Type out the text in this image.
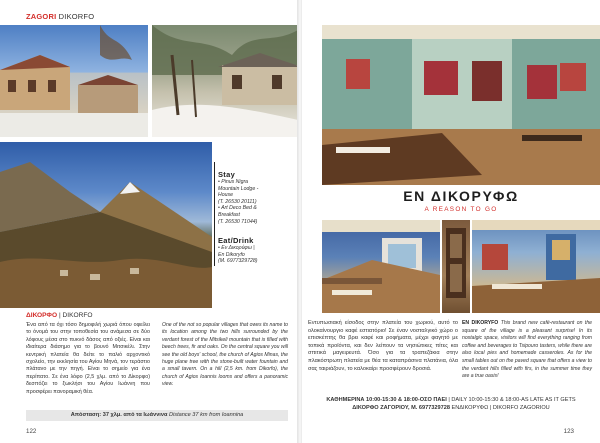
ZAGORI DIKORFO
Stay
• Pinus Nigra
Mountain Lodge -
House
(T. 26530 20111)
• Art Deco Bed &
Breakfast
(T. 26530 71044)
Eat/Drink
• Εν Δικορύφω |
En Dikoryfo
(Μ. 6977329728)
ΔΙΚΟΡΦΟ | DIKORFO
Ένα από τα όχι τόσο δημοφιλή χωριά όπου οφείλει το όνομά του στην τοποθεσία του ανάμεσα σε δύο λόφους μέσα στο πυκνό δάσος από οξιές. Είναι και ιδιαίτερα διάσημο για το βουνό Μιτσικέλι. Στην κεντρική πλατεία θα δείτε το παλιό αρχοντικό σχολείο, την εκκλησία του Αγίου Μηνά, τον τεράστιο πλάτανο με την πηγή. Είναι το σημείο για ένα περίπατο. Σε ένα λόφο (2,5 χλμ. από το Δίκορφο) δεσπόζει το ξωκλήσι του Αγίου Ιωάννη που προσφέρει πανοραμική θέα.
One of the not so popular villages that owes its name to its location among the two hills surrounded by the verdant forest of the Mitsikeli mountain that is filled with beech trees, fir and oaks. On the central square you will see the old boys' school, the church of Agios Minas, the huge plane tree with the stone-built water fountain and a small tavern. On a hill (2,5 km. from Dikorfo), the church of Agios Ioannis looms and offers a panoramic view.
Απόσταση: 37 χλμ. από τα Ιωάννινα Distance 37 km from Ioannina
122
ΕΝ ΔΙΚΟΡΥΦΩ
A REASON TO GO
Εντυπωσιακή είσοδος στην πλατεία του χωριού, αυτό το ολοκαίνουργιο καφέ εστιατόριο! Σε έναν νοσταλγικό χώρο ο επισκέπτης θα βρει καφέ και ροφήματα, μέχρι φαγητό με τοπικά προϊόντα, και δεν λείπουν τα νησιώτικες πίτες και σπιτικά μαγειρευτά. Όσο για τα τραπεζάκια στην πλακόστρωτη πλατεία με θέα τα καταπράσινα πλατάνια, όλα σας ταιριάζουν, το καλοκαίρι προσφέρουν δροσιά.
EN DIKORYFO This brand new café-restaurant on the square of the village is a pleasant surprise! In its nostalgic space, visitors will find everything ranging from coffee and beverages to Tsipouro tasters, while there are also local pies and homemade casseroles. As for the small tables out on the paved square that offers a view to the verdant hills filled with firs, in the summer time they are a true oasis!
ΚΑΘΗΜΕΡΙΝΑ 10:00-15:30 & 18:00-ΟΣΟ ΠΑΕΙ | DAILY 10:00-15:30 & 18:00-AS LATE AS IT GETS
ΔΙΚΟΡΦΟ ΖΑΓΟΡΙΟΥ, Μ. 6977329728 ΕΝΔΙΚΟΡΥΦΩ | DIKORFO ZAGORIOU
123
